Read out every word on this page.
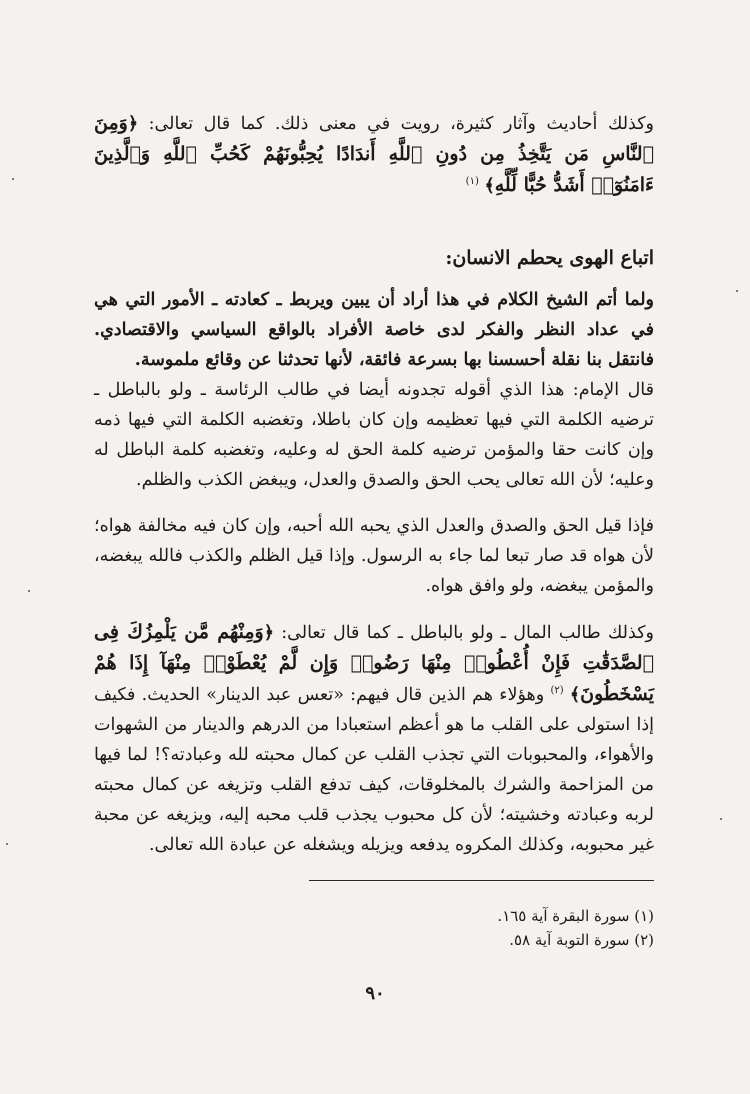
وكذلك أحاديث وآثار كثيرة، رويت في معنى ذلك. كما قال تعالى: ﴿وَمِنَ ٱلنَّاسِ مَن يَتَّخِذُ مِن دُونِ ٱللَّهِ أَندَادًا يُحِبُّونَهُمْ كَحُبِّ ٱللَّهِ وَٱلَّذِينَ ءَامَنُوٓا۟ أَشَدُّ حُبًّا لِّلَّهِ﴾ $^{(١)}$

اتباع الهوى يحطم الانسان:

ولما أتم الشيخ الكلام في هذا أراد أن يبين ويربط ـ كعادته ـ الأمور التي هي في عداد النظر والفكر لدى خاصة الأفراد بالواقع السياسي والاقتصادي. فانتقل بنا نقلة أحسسنا بها بسرعة فائقة، لأنها تحدثنا عن وقائع ملموسة.

قال الإمام: هذا الذي أقوله تجدونه أيضا في طالب الرئاسة ـ ولو بالباطل ـ ترضيه الكلمة التي فيها تعظيمه وإن كان باطلا، وتغضبه الكلمة التي فيها ذمه وإن كانت حقا والمؤمن ترضيه كلمة الحق له وعليه، وتغضبه كلمة الباطل له وعليه؛ لأن الله تعالى يحب الحق والصدق والعدل، ويبغض الكذب والظلم.

فإذا قيل الحق والصدق والعدل الذي يحبه الله أحبه، وإن كان فيه مخالفة هواه؛ لأن هواه قد صار تبعا لما جاء به الرسول. وإذا قيل الظلم والكذب فالله يبغضه، والمؤمن يبغضه، ولو وافق هواه.

وكذلك طالب المال ـ ولو بالباطل ـ كما قال تعالى: ﴿وَمِنْهُم مَّن يَلْمِزُكَ فِى ٱلصَّدَقَٰتِ فَإِنْ أُعْطُوا۟ مِنْهَا رَضُوا۟ وَإِن لَّمْ يُعْطَوْا۟ مِنْهَآ إِذَا هُمْ يَسْخَطُونَ﴾ $^{(٢)}$ وهؤلاء هم الذين قال فيهم: «تعس عبد الدينار» الحديث. فكيف إذا استولى على القلب ما هو أعظم استعبادا من الدرهم والدينار من الشهوات والأهواء، والمحبوبات التي تجذب القلب عن كمال محبته لله وعبادته؟! لما فيها من المزاحمة والشرك بالمخلوقات، كيف تدفع القلب وتزيغه عن كمال محبته لربه وعبادته وخشيته؛ لأن كل محبوب يجذب قلب محبه إليه، ويزيغه عن محبة غير محبوبه، وكذلك المكروه يدفعه ويزيله ويشغله عن عبادة الله تعالى.

(١) سورة البقرة آية ١٦٥.
(٢) سورة التوبة آية ٥٨.
٩٠
